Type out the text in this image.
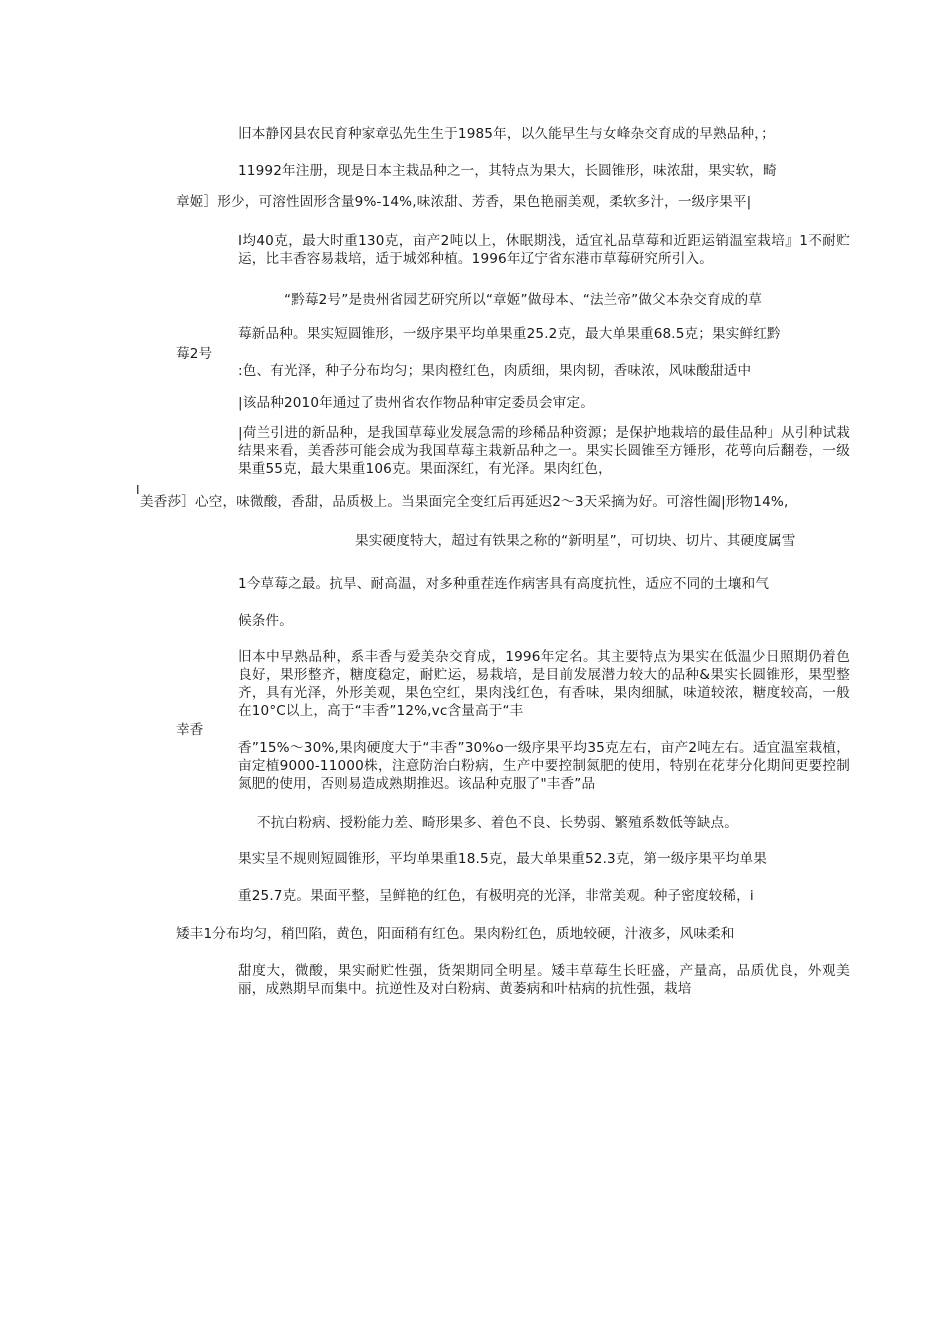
旧本静冈县农民育种家章弘先生生于1985年，以久能早生与女峰杂交育成的早熟品种，；
11992年注册，现是日本主栽品种之一，其特点为果大，长圆锥形，味浓甜，果实软，畸
章姬］形少，可溶性固形含量9%-14%,味浓甜、芳香，果色艳丽美观，柔软多汁，一级序果平|
I均40克，最大时重130克，亩产2吨以上，休眠期浅，适宜礼品草莓和近距运销温室栽培』1不耐贮运，比丰香容易栽培，适于城郊种植。1996年辽宁省东港市草莓研究所引入。
“黔莓2号”是贵州省园艺研究所以“章姬”做母本、“法兰帝”做父本杂交育成的草
莓新品种。果实短圆锥形，一级序果平均单果重25.2克，最大单果重68.5克；果实鲜红黔
莓2号
:色、有光泽，种子分布均匀；果肉橙红色，肉质细，果肉韧，香味浓，风味酸甜适中
|该品种2010年通过了贵州省农作物品种审定委员会审定。
|荷兰引进的新品种，是我国草莓业发展急需的珍稀品种资源；是保护地栽培的最佳品种」从引种试栽结果来看，美香莎可能会成为我国草莓主栽新品种之一。果实长圆锥至方锤形，花萼向后翻卷，一级果重55克，最大果重106克。果面深红，有光泽。果肉红色，
I
美香莎］心空，味微酸，香甜，品质极上。当果面完全变红后再延迟2〜3天采摘为好。可溶性阖|形物14%,
果实硬度特大，超过有铁果之称的“新明星”，可切块、切片、其硬度属雪
1今草莓之最。抗旱、耐高温，对多种重茬连作病害具有高度抗性，适应不同的土壤和气
候条件。
旧本中早熟品种，系丰香与爱美杂交育成，1996年定名。其主要特点为果实在低温少日照期仍着色良好，果形整齐，糖度稳定，耐贮运，易栽培，是目前发展潜力较大的品种&果实长圆锥形，果型整齐，具有光泽，外形美观，果色空红，果肉浅红色，有香味，果肉细腻，味道较浓，糖度较高，一般在10°C以上，高于“丰香”12%,vc含量高于“丰
幸香
香”15%〜30%,果肉硬度大于“丰香”30%o一级序果平均35克左右，亩产2吨左右。适宜温室栽植，亩定植9000-11000株，注意防治白粉病，生产中要控制氮肥的使用，特别在花芽分化期间更要控制氮肥的使用，否则易造成熟期推迟。该品种克服了"丰香”品
不抗白粉病、授粉能力差、畸形果多、着色不良、长势弱、繁殖系数低等缺点。
果实呈不规则短圆锥形，平均单果重18.5克，最大单果重52.3克，第一级序果平均单果
重25.7克。果面平整，呈鲜艳的红色，有极明亮的光泽，非常美观。种子密度较稀，i
矮丰1分布均匀，稍凹陷，黄色，阳面稍有红色。果肉粉红色，质地较硬，汁液多，风味柔和
甜度大，微酸，果实耐贮性强，货架期同全明星。矮丰草莓生长旺盛，产量高，品质优良，外观美丽，成熟期早而集中。抗逆性及对白粉病、黄萎病和叶枯病的抗性强，栽培
